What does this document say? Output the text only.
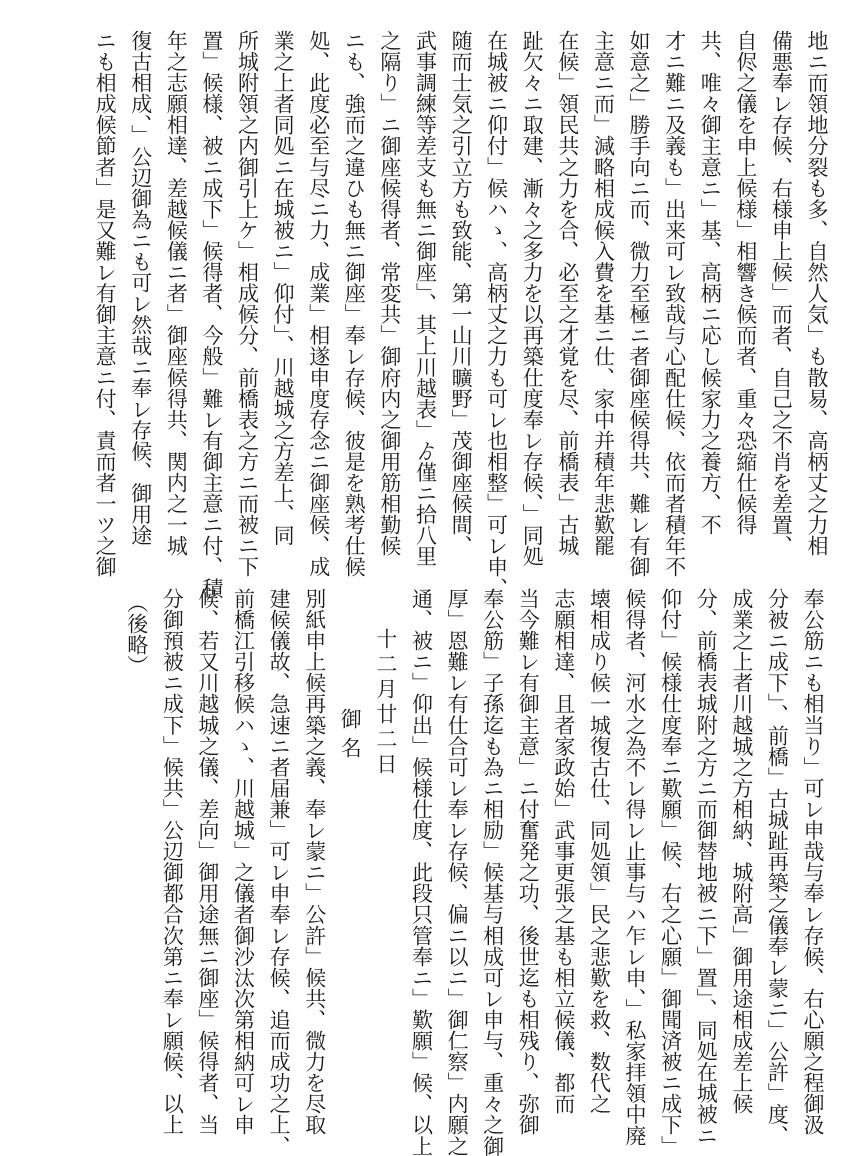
地ニ而領地分裂も多、自然人気」も散易、高柄丈之力相
備悪奉レ存候、右様申上候」而者、自己之不肖を差置、
自侭之儀を申上候様」相響き候而者、重々恐縮仕候得
共、唯々御主意ニ」基、高柄ニ応し候家力之養方、不
才ニ難ニ及義も」出来可レ致哉与心配仕候、依而者積年不
如意之」勝手向ニ而、微力至極ニ者御座候得共、難レ有御
主意ニ而」減略相成候入費を基ニ仕、家中并積年悲歎罷
在候」領民共之力を合、必至之才覚を尽、前橋表」古城
趾欠々ニ取建、漸々之多力を以再築仕度奉レ存候、」同処
在城被ニ仰付」候ハゝ、高柄丈之力も可レ也相整」可レ申、
随而士気之引立方も致能、第一山川曠野」茂御座候間、
武事調練等差支も無ニ御座」、其上川越表」ゟ僅ニ拾八里
之隔り」ニ御座候得者、常変共」御府内之御用筋相勤候
ニも、強而之違ひも無ニ御座」奉レ存候、彼是を熟考仕候
処、此度必至与尽ニ力、成業」相遂申度存念ニ御座候、成
業之上者同処ニ在城被ニ」仰付」、川越城之方差上、同
所城附領之内御引上ケ」相成候分、前橋表之方ニ而被ニ下
置」候様、被ニ成下」候得者、今般」難レ有御主意ニ付、積
年之志願相達、差越候儀ニ者」御座候得共、関内之一城
復古相成、」公辺御為ニも可レ然哉ニ奉レ存候、御用途
ニも相成候節者」是又難レ有御主意ニ付、責而者一ツ之御
奉公筋ニも相当り」可レ申哉与奉レ存候、右心願之程御汲
分被ニ成下」、前橋」古城趾再築之儀奉レ蒙ニ」公許」度、
成業之上者川越城之方相納、城附高」御用途相成差上候
分、前橋表城附之方ニ而御替地被ニ下」置」、同処在城被ニ
仰付」候様仕度奉ニ歎願」候、右之心願」御聞済被ニ成下」
候得者、河水之為不レ得レ止事与ハ乍レ申、」私家拝領中廃
壊相成り候一城復古仕、同処領」民之悲歎を救、数代之
志願相達、且者家政始」武事更張之基も相立候儀、都而
当今難レ有御主意」ニ付奮発之功、後世迄も相残り、弥御
奉公筋」子孫迄も為ニ相励」候基与相成可レ申与、重々之御
厚」恩難レ有仕合可レ奉レ存候、偏ニ以ニ」御仁察」内願之
通、被ニ」仰出」候様仕度、此段只管奉ニ」歎願」候、以上
十二月廿二日
御名
別紙申上候再築之義、奉レ蒙ニ」公許」候共、微力を尽取
建候儀故、急速ニ者届兼」可レ申奉レ存候、追而成功之上、
前橋江引移候ハゝ、川越城」之儀者御沙汰次第相納可レ申
候、若又川越城之儀、差向」御用途無ニ御座」候得者、当
分御預被ニ成下」候共」公辺御都合次第ニ奉レ願候、以上
（後略）
